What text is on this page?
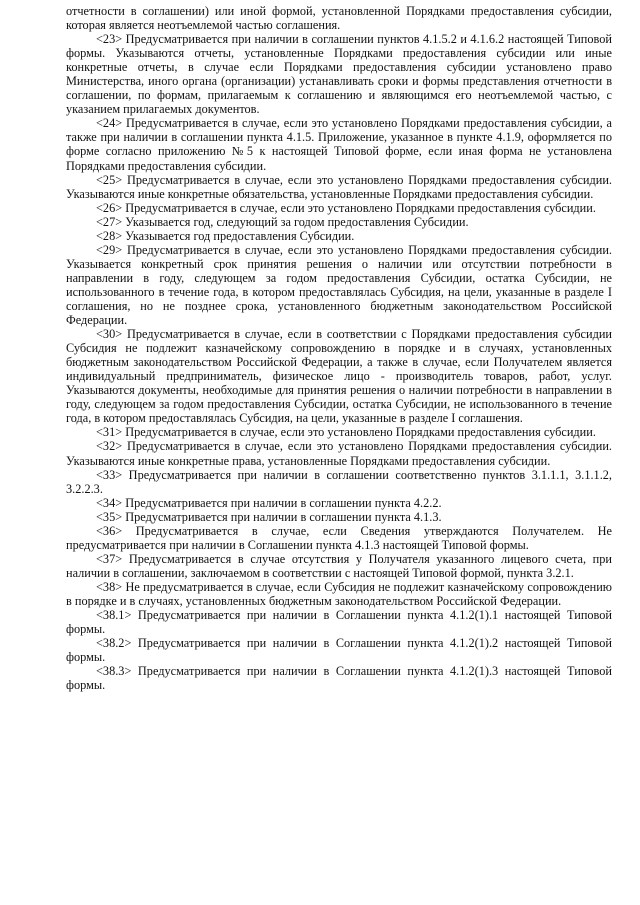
отчетности в соглашении) или иной формой, установленной Порядками предоставления субсидии, которая является неотъемлемой частью соглашения.

<23> Предусматривается при наличии в соглашении пунктов 4.1.5.2 и 4.1.6.2 настоящей Типовой формы. Указываются отчеты, установленные Порядками предоставления субсидии или иные конкретные отчеты, в случае если Порядками предоставления субсидии установлено право Министерства, иного органа (организации) устанавливать сроки и формы представления отчетности в соглашении, по формам, прилагаемым к соглашению и являющимся его неотъемлемой частью, с указанием прилагаемых документов.

<24> Предусматривается в случае, если это установлено Порядками предоставления субсидии, а также при наличии в соглашении пункта 4.1.5. Приложение, указанное в пункте 4.1.9, оформляется по форме согласно приложению №5 к настоящей Типовой форме, если иная форма не установлена Порядками предоставления субсидии.

<25> Предусматривается в случае, если это установлено Порядками предоставления субсидии. Указываются иные конкретные обязательства, установленные Порядками предоставления субсидии.

<26> Предусматривается в случае, если это установлено Порядками предоставления субсидии.

<27> Указывается год, следующий за годом предоставления Субсидии.

<28> Указывается год предоставления Субсидии.

<29> Предусматривается в случае, если это установлено Порядками предоставления субсидии. Указывается конкретный срок принятия решения о наличии или отсутствии потребности в направлении в году, следующем за годом предоставления Субсидии, остатка Субсидии, не использованного в течение года, в котором предоставлялась Субсидия, на цели, указанные в разделе I соглашения, но не позднее срока, установленного бюджетным законодательством Российской Федерации.

<30> Предусматривается в случае, если в соответствии с Порядками предоставления субсидии Субсидия не подлежит казначейскому сопровождению в порядке и в случаях, установленных бюджетным законодательством Российской Федерации, а также в случае, если Получателем является индивидуальный предприниматель, физическое лицо - производитель товаров, работ, услуг. Указываются документы, необходимые для принятия решения о наличии потребности в направлении в году, следующем за годом предоставления Субсидии, остатка Субсидии, не использованного в течение года, в котором предоставлялась Субсидия, на цели, указанные в разделе I соглашения.

<31> Предусматривается в случае, если это установлено Порядками предоставления субсидии.

<32> Предусматривается в случае, если это установлено Порядками предоставления субсидии. Указываются иные конкретные права, установленные Порядками предоставления субсидии.

<33> Предусматривается при наличии в соглашении соответственно пунктов 3.1.1.1, 3.1.1.2, 3.2.2.3.

<34> Предусматривается при наличии в соглашении пункта 4.2.2.

<35> Предусматривается при наличии в соглашении пункта 4.1.3.

<36> Предусматривается в случае, если Сведения утверждаются Получателем. Не предусматривается при наличии в Соглашении пункта 4.1.3 настоящей Типовой формы.

<37> Предусматривается в случае отсутствия у Получателя указанного лицевого счета, при наличии в соглашении, заключаемом в соответствии с настоящей Типовой формой, пункта 3.2.1.

<38> Не предусматривается в случае, если Субсидия не подлежит казначейскому сопровождению в порядке и в случаях, установленных бюджетным законодательством Российской Федерации.

<38.1> Предусматривается при наличии в Соглашении пункта 4.1.2(1).1 настоящей Типовой формы.

<38.2> Предусматривается при наличии в Соглашении пункта 4.1.2(1).2 настоящей Типовой формы.

<38.3> Предусматривается при наличии в Соглашении пункта 4.1.2(1).3 настоящей Типовой формы.
